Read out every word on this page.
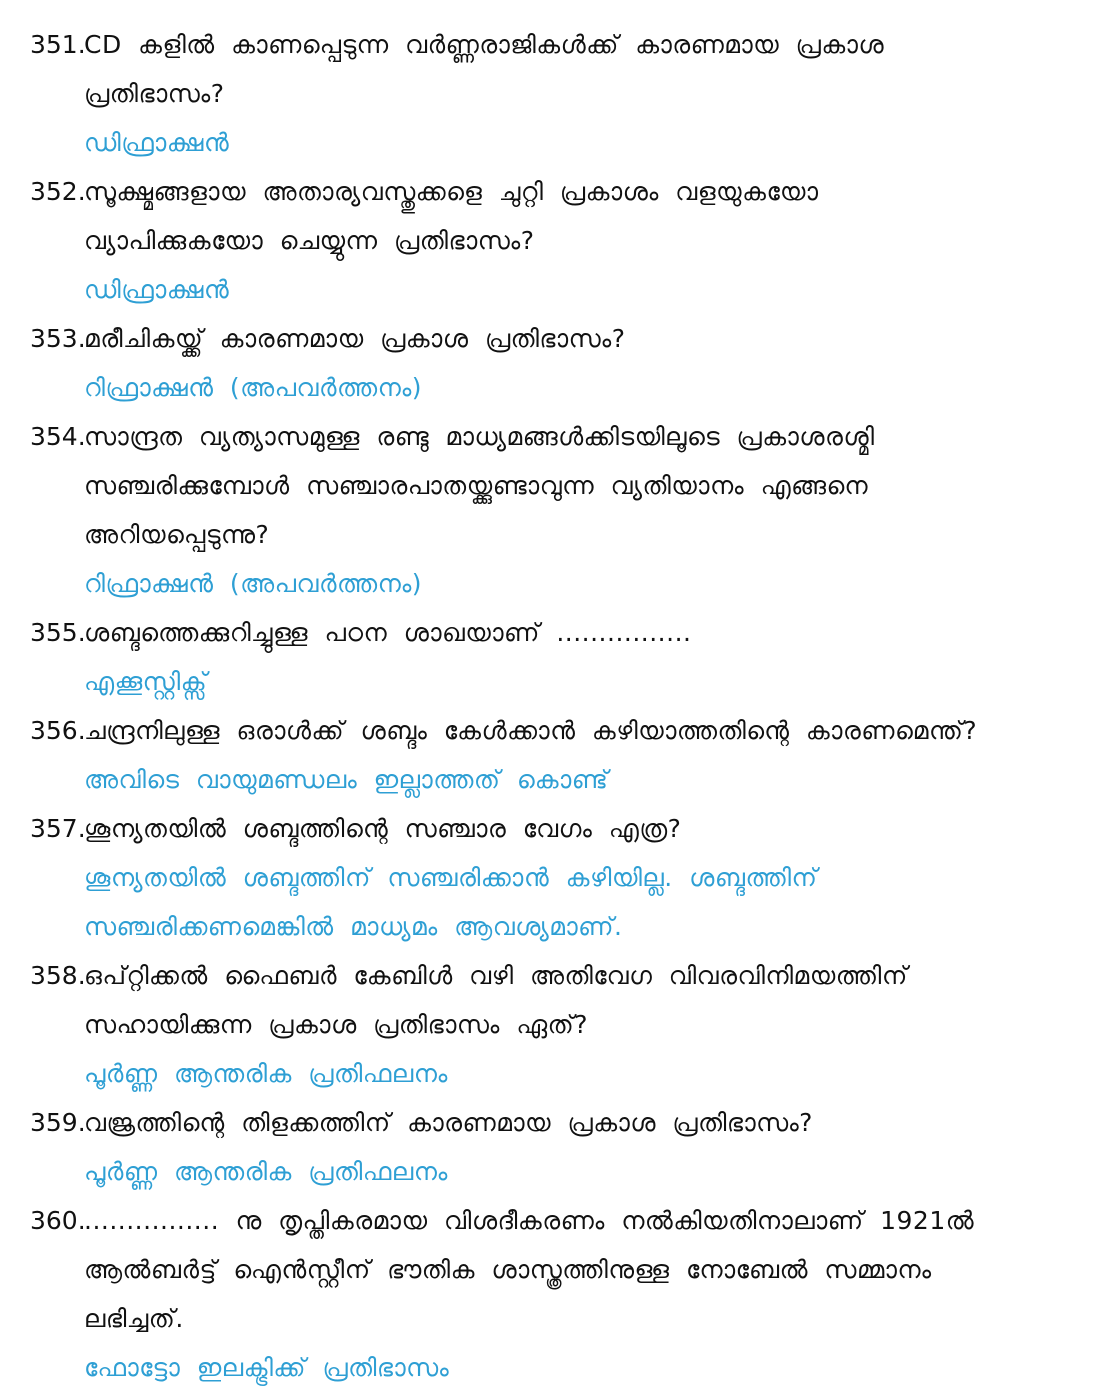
351.
CD കളിൽ കാണപ്പെടുന്ന വർണ്ണരാജികൾക്ക് കാരണമായ പ്രകാശ
പ്രതിഭാസം?
ഡിഫ്രാക്ഷൻ
352.
സൂക്ഷ്മങ്ങളായ അതാര്യവസ്തുക്കളെ ചുറ്റി പ്രകാശം വളയുകയോ
വ്യാപിക്കുകയോ ചെയ്യുന്ന പ്രതിഭാസം?
ഡിഫ്രാക്ഷൻ
353.
മരീചികയ്ക്ക് കാരണമായ പ്രകാശ പ്രതിഭാസം?
റിഫ്രാക്ഷൻ (അപവർത്തനം)
354.
സാന്ദ്രത വ്യത്യാസമുള്ള രണ്ടു മാധ്യമങ്ങൾക്കിടയിലൂടെ പ്രകാശരശ്മി
സഞ്ചരിക്കുമ്പോൾ സഞ്ചാരപാതയ്ക്കുണ്ടാവുന്ന വ്യതിയാനം എങ്ങനെ
അറിയപ്പെടുന്നു?
റിഫ്രാക്ഷൻ (അപവർത്തനം)
355.
ശബ്ദത്തെക്കുറിച്ചുള്ള പഠന ശാഖയാണ് ................
എക്കൂസ്റ്റിക്സ്
356.
ചന്ദ്രനിലുള്ള ഒരാൾക്ക് ശബ്ദം കേൾക്കാൻ കഴിയാത്തതിന്റെ കാരണമെന്ത്?
അവിടെ വായുമണ്ഡലം ഇല്ലാത്തത് കൊണ്ട്
357.
ശൂന്യതയിൽ ശബ്ദത്തിന്റെ സഞ്ചാര വേഗം എത്ര?
ശൂന്യതയിൽ ശബ്ദത്തിന് സഞ്ചരിക്കാൻ കഴിയില്ല. ശബ്ദത്തിന്
സഞ്ചരിക്കണമെങ്കിൽ മാധ്യമം ആവശ്യമാണ്.
358.
ഒപ്റ്റിക്കൽ ഫൈബർ കേബിൾ വഴി അതിവേഗ വിവരവിനിമയത്തിന്
സഹായിക്കുന്ന പ്രകാശ പ്രതിഭാസം ഏത്?
പൂർണ്ണ ആന്തരിക പ്രതിഫലനം
359.
വജ്രത്തിന്റെ തിളക്കത്തിന് കാരണമായ പ്രകാശ പ്രതിഭാസം?
പൂർണ്ണ ആന്തരിക പ്രതിഫലനം
360.
................ നു തൃപ്തികരമായ വിശദീകരണം നൽകിയതിനാലാണ് 1921ൽ
ആൽബർട്ട് ഐൻസ്റ്റീന് ഭൗതിക ശാസ്ത്രത്തിനുള്ള നോബേൽ സമ്മാനം
ലഭിച്ചത്.
ഫോട്ടോ ഇലക്ട്രിക്ക് പ്രതിഭാസം
